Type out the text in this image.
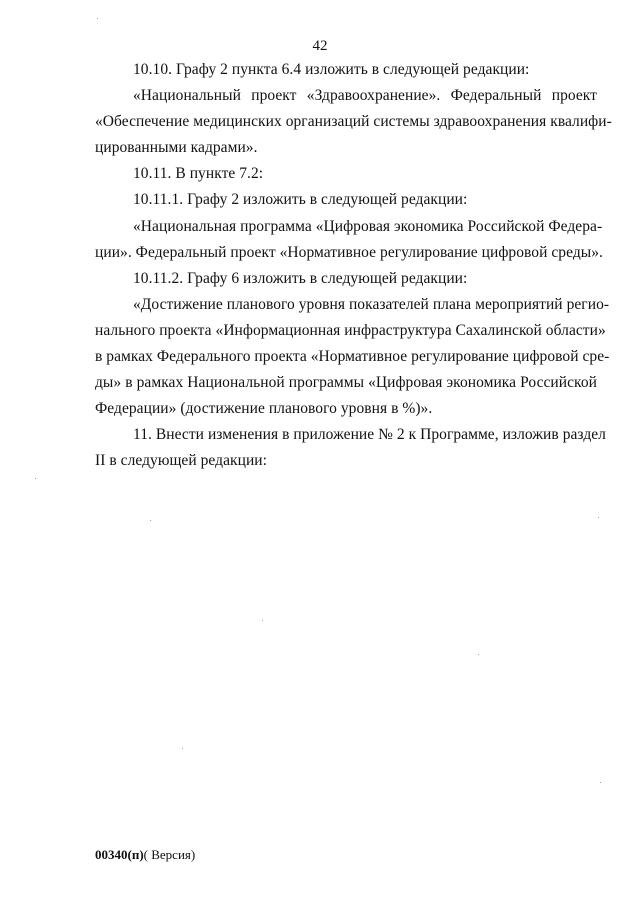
42
10.10. Графу 2 пункта 6.4 изложить в следующей редакции:
«Национальный проект «Здравоохранение». Федеральный проект
«Обеспечение медицинских организаций системы здравоохранения квалифи-
цированными кадрами».
10.11. В пункте 7.2:
10.11.1. Графу 2 изложить в следующей редакции:
«Национальная программа «Цифровая экономика Российской Федера-
ции». Федеральный проект «Нормативное регулирование цифровой среды».
10.11.2. Графу 6 изложить в следующей редакции:
«Достижение планового уровня показателей плана мероприятий регио-
нального проекта «Информационная инфраструктура Сахалинской области»
в рамках Федерального проекта «Нормативное регулирование цифровой сре-
ды» в рамках Национальной программы «Цифровая экономика Российской
Федерации» (достижение планового уровня в %)».
11. Внести изменения в приложение № 2 к Программе, изложив раздел
II в следующей редакции:
00340(п)( Версия)
